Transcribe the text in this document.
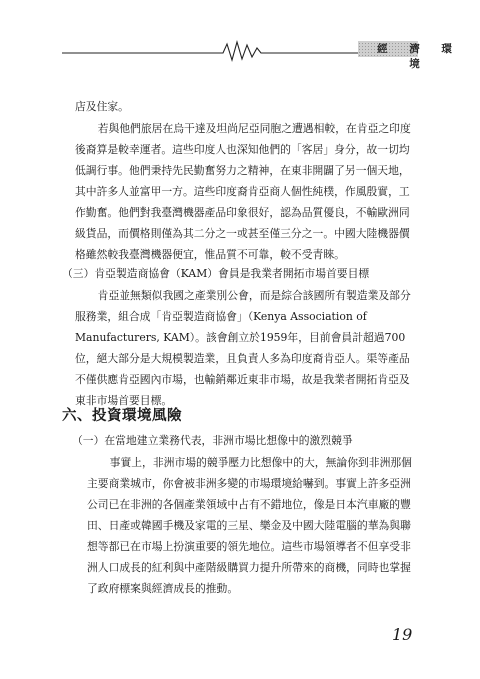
經 濟 環 境

店及住家。

若與他們旅居在烏干達及坦尚尼亞同胞之遭遇相較，在肯亞之印度後裔算是較幸運者。這些印度人也深知他們的「客居」身分，故一切均低調行事。他們秉持先民勤奮努力之精神，在東非開闢了另一個天地，其中許多人並富甲一方。這些印度裔肯亞商人個性純樸，作風殷實，工作勤奮。他們對我臺灣機器產品印象很好，認為品質優良，不輸歐洲同級貨品，而價格則僅為其二分之一或甚至僅三分之一。中國大陸機器價格雖然較我臺灣機器便宜，惟品質不可靠，較不受青睞。

（三）肯亞製造商協會（KAM）會員是我業者開拓市場首要目標

肯亞並無類似我國之產業別公會，而是綜合該國所有製造業及部分服務業，組合成「肯亞製造商協會」（Kenya Association of Manufacturers, KAM）。該會創立於1959年，目前會員計超過700位，絕大部分是大規模製造業，且負責人多為印度裔肯亞人。渠等產品不僅供應肯亞國內市場，也輸銷鄰近東非市場，故是我業者開拓肯亞及東非市場首要目標。

六、投資環境風險

（一）在當地建立業務代表，非洲市場比想像中的激烈競爭

事實上，非洲市場的競爭壓力比想像中的大，無論你到非洲那個主要商業城市，你會被非洲多變的市場環境給嚇到。事實上許多亞洲公司已在非洲的各個產業領域中占有不錯地位，像是日本汽車廠的豐田、日產或韓國手機及家電的三星、樂金及中國大陸電腦的華為與聯想等都已在市場上扮演重要的領先地位。這些市場領導者不但享受非洲人口成長的紅利與中產階級購買力提升所帶來的商機，同時也掌握了政府標案與經濟成長的推動。

19
